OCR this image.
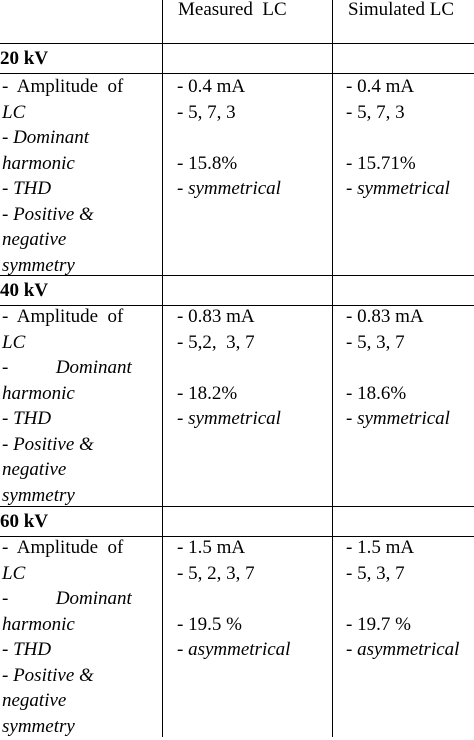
Measured  LC	Simulated LC
20 kV
-  Amplitude  of
LC
- Dominant
harmonic
- THD
- Positive &
negative
symmetry
- 0.4 mA
- 5, 7, 3
- 15.8%
- symmetrical
- 0.4 mA
- 5, 7, 3
- 15.71%
- symmetrical
40 kV
-  Amplitude  of
LC
-          Dominant
harmonic
- THD
- Positive &
negative
symmetry
- 0.83 mA
- 5,2,  3, 7
- 18.2%
- symmetrical
- 0.83 mA
- 5, 3, 7
- 18.6%
- symmetrical
60 kV
-  Amplitude  of
LC
-          Dominant
harmonic
- THD
- Positive &
negative
symmetry
- 1.5 mA
- 5, 2, 3, 7
- 19.5 %
- asymmetrical
- 1.5 mA
- 5, 3, 7
- 19.7 %
- asymmetrical
